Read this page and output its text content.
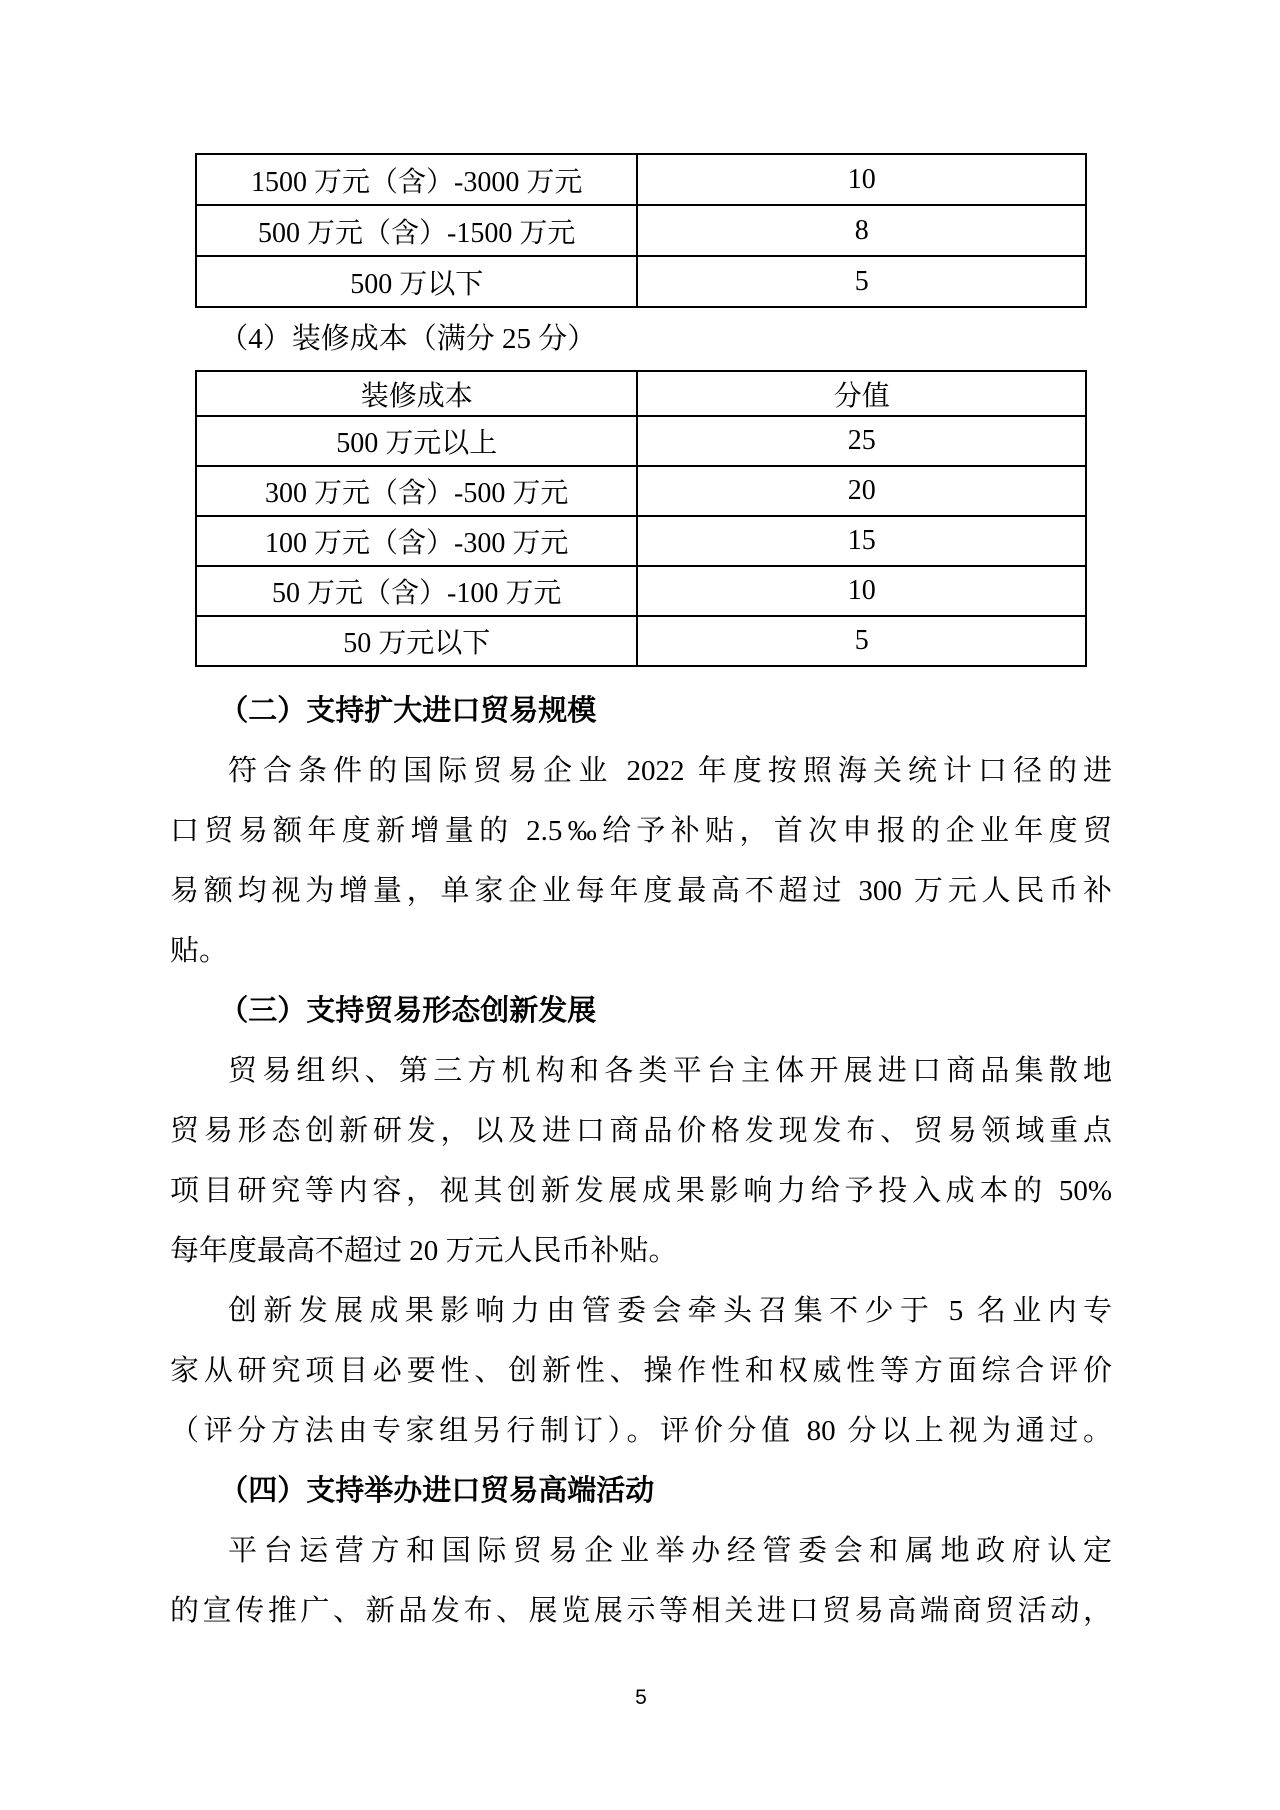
1500 万元（含）-3000 万元	10
500 万元（含）-1500 万元	8
500 万以下	5
（4）装修成本（满分 25 分）
装修成本	分值
500 万元以上	25
300 万元（含）-500 万元	20
100 万元（含）-300 万元	15
50 万元（含）-100 万元	10
50 万元以下	5
（二）支持扩大进口贸易规模
符合条件的国际贸易企业 2022 年度按照海关统计口径的进
口贸易额年度新增量的 2.5‰给予补贴，首次申报的企业年度贸
易额均视为增量，单家企业每年度最高不超过 300 万元人民币补
贴。
（三）支持贸易形态创新发展
贸易组织、第三方机构和各类平台主体开展进口商品集散地
贸易形态创新研发，以及进口商品价格发现发布、贸易领域重点
项目研究等内容，视其创新发展成果影响力给予投入成本的 50%
每年度最高不超过 20 万元人民币补贴。
创新发展成果影响力由管委会牵头召集不少于 5 名业内专
家从研究项目必要性、创新性、操作性和权威性等方面综合评价
（评分方法由专家组另行制订）。评价分值 80 分以上视为通过。
（四）支持举办进口贸易高端活动
平台运营方和国际贸易企业举办经管委会和属地政府认定
的宣传推广、新品发布、展览展示等相关进口贸易高端商贸活动，
5
